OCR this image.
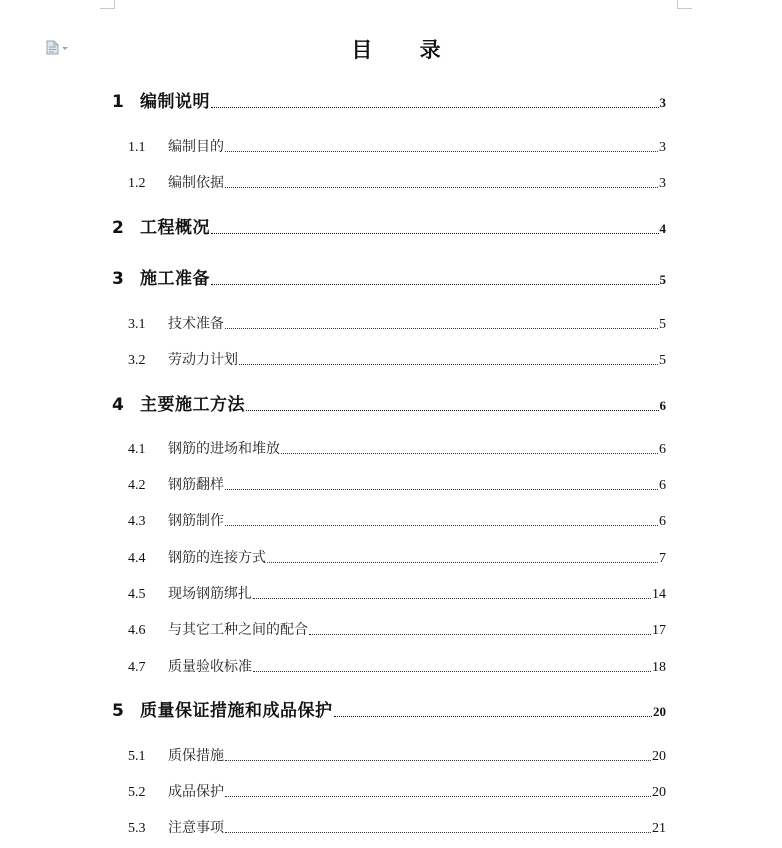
目 录
1 编制说明	3
1.1	编制目的	3
1.2	编制依据	3
2 工程概况	4
3 施工准备	5
3.1	技术准备	5
3.2	劳动力计划	5
4 主要施工方法	6
4.1	钢筋的进场和堆放	6
4.2	钢筋翻样	6
4.3	钢筋制作	6
4.4	钢筋的连接方式	7
4.5	现场钢筋绑扎	14
4.6	与其它工种之间的配合	17
4.7	质量验收标准	18
5 质量保证措施和成品保护	20
5.1	质保措施	20
5.2	成品保护	20
5.3	注意事项	21
